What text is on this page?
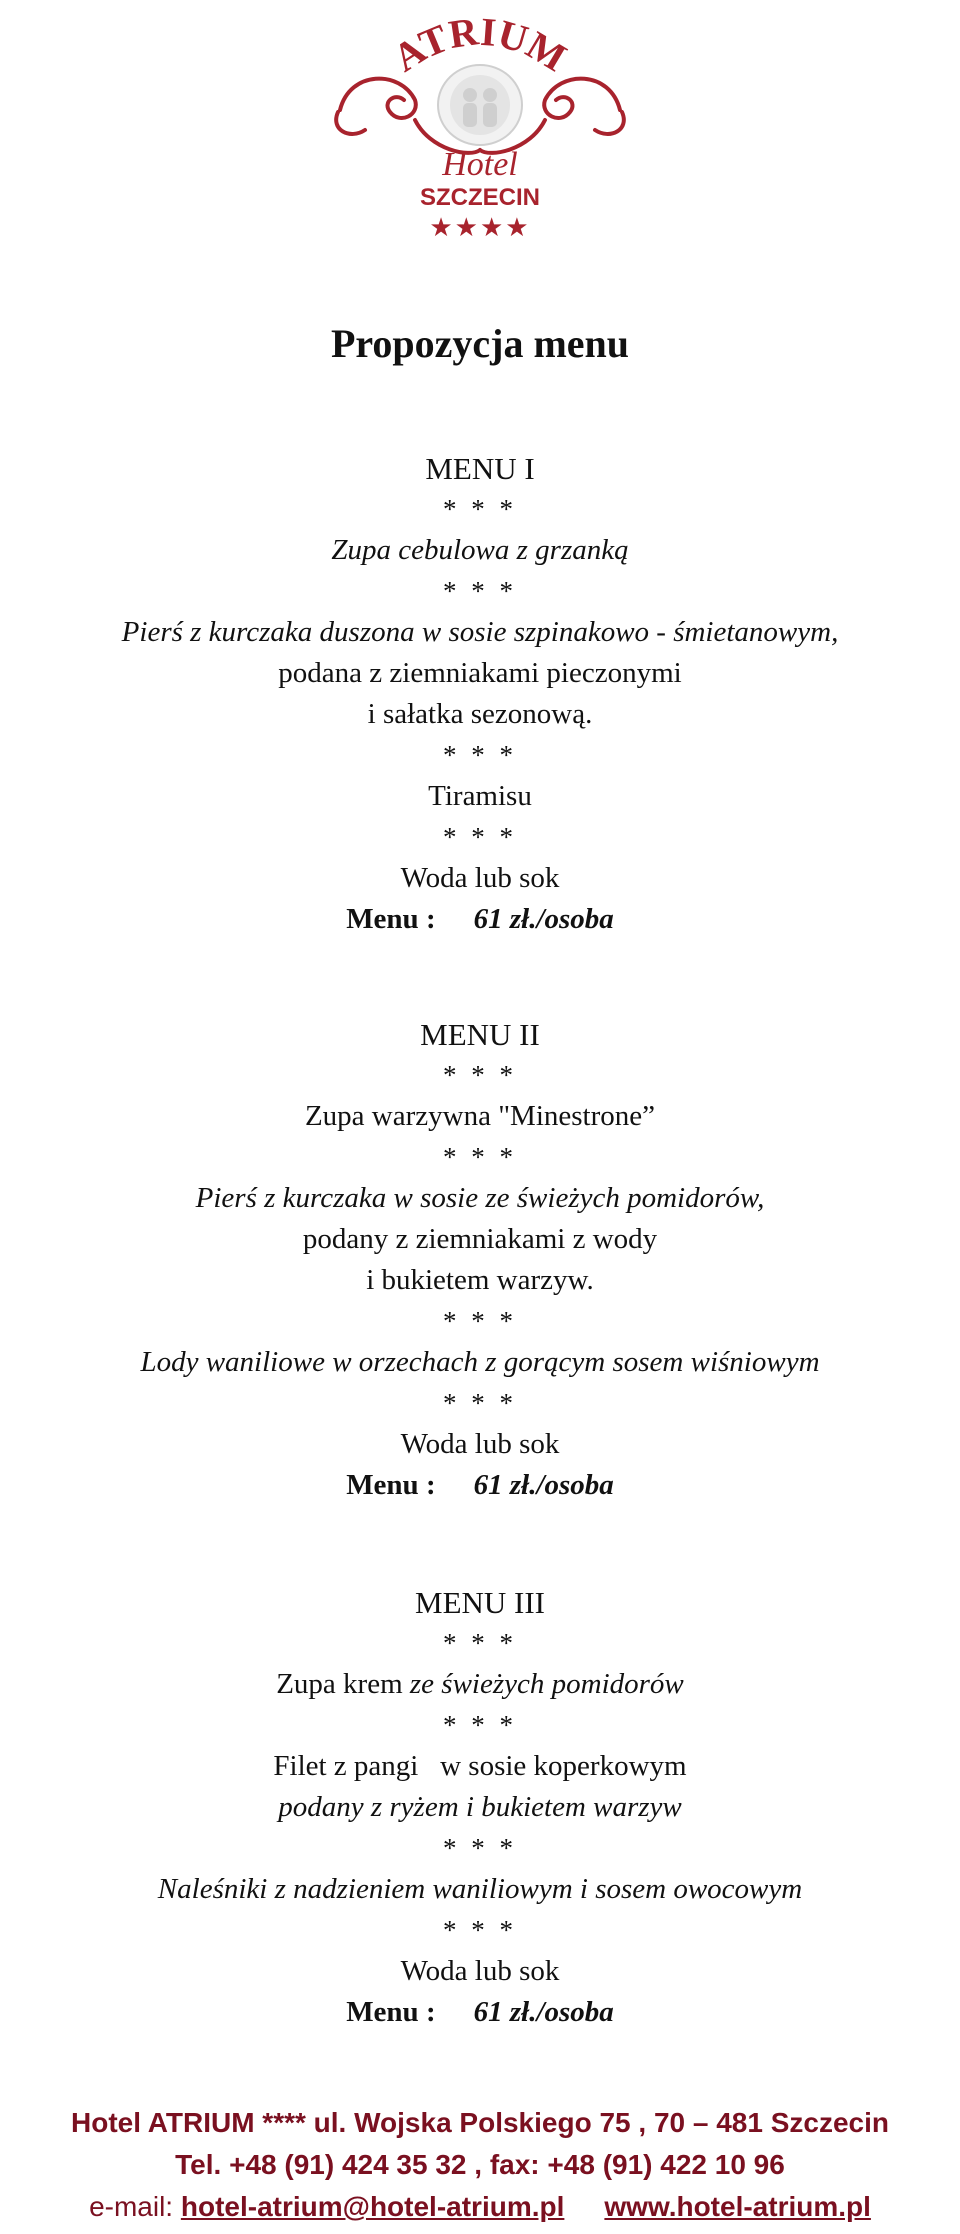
ATRIUM
Hotel
SZCZECIN
★★★★
Propozycja menu
MENU I
* * *
Zupa cebulowa z grzanką
* * *
Pierś z kurczaka duszona w sosie szpinakowo - śmietanowym,
podana z ziemniakami pieczonymi
i sałatka sezonową.
* * *
Tiramisu
* * *
Woda lub sok
Menu : 61 zł./osoba
MENU II
* * *
Zupa warzywna "Minestrone”
* * *
Pierś z kurczaka w sosie ze świeżych pomidorów,
podany z ziemniakami z wody
i bukietem warzyw.
* * *
Lody waniliowe w orzechach z gorącym sosem wiśniowym
* * *
Woda lub sok
Menu : 61 zł./osoba
MENU III
* * *
Zupa krem ze świeżych pomidorów
* * *
Filet z pangi   w sosie koperkowym
podany z ryżem i bukietem warzyw
* * *
Naleśniki z nadzieniem waniliowym i sosem owocowym
* * *
Woda lub sok
Menu : 61 zł./osoba
Hotel ATRIUM **** ul. Wojska Polskiego 75 , 70 – 481 Szczecin
Tel. +48 (91) 424 35 32 , fax: +48 (91) 422 10 96
e-mail: hotel-atrium@hotel-atrium.pl www.hotel-atrium.pl
